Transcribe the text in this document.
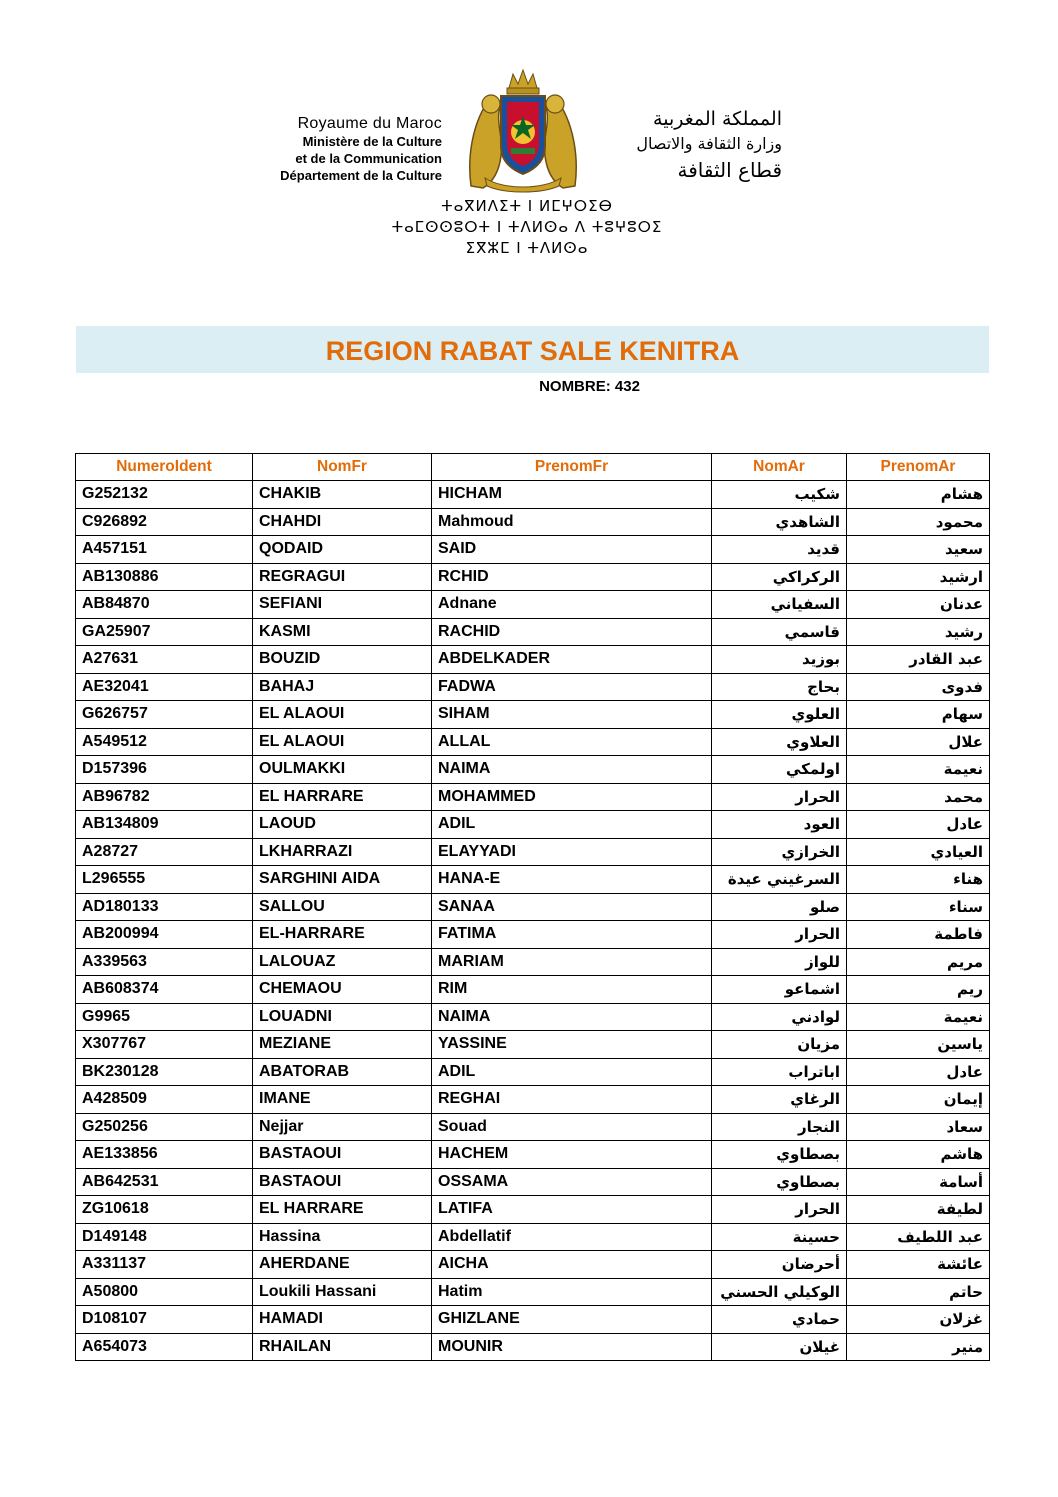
Royaume du Maroc
Ministère de la Culture
et de la Communication
Département de la Culture
المملكة المغربية
وزارة الثقافة والاتصال
قطاع الثقافة
ⵜⴰⴳⵍⴷⵉⵜ ⵏ ⵍⵎⵖⵔⵉⴱ
ⵜⴰⵎⵙⵙⵓⵔⵜ ⵏ ⵜⴷⵍⵙⴰ ⴷ ⵜⵓⵖⵓⵔⵉ
ⵉⴳⵣⵎ ⵏ ⵜⴷⵍⵙⴰ
REGION RABAT SALE KENITRA
NOMBRE: 432
NumeroIdent	NomFr	PrenomFr	NomAr	PrenomAr
G252132	CHAKIB	HICHAM	شكيب	هشام
C926892	CHAHDI	Mahmoud	الشاهدي	محمود
A457151	QODAID	SAID	قديد	سعيد
AB130886	REGRAGUI	RCHID	الركراكي	ارشيد
AB84870	SEFIANI	Adnane	السفياني	عدنان
GA25907	KASMI	RACHID	قاسمي	رشيد
A27631	BOUZID	ABDELKADER	بوزيد	عبد القادر
AE32041	BAHAJ	FADWA	بحاج	فدوى
G626757	EL ALAOUI	SIHAM	العلوي	سهام
A549512	EL ALAOUI	ALLAL	العلاوي	علال
D157396	OULMAKKI	NAIMA	اولمكي	نعيمة
AB96782	EL HARRARE	MOHAMMED	الحرار	محمد
AB134809	LAOUD	ADIL	العود	عادل
A28727	LKHARRAZI	ELAYYADI	الخرازي	العيادي
L296555	SARGHINI AIDA	HANA-E	السرغيني عيدة	هناء
AD180133	SALLOU	SANAA	صلو	سناء
AB200994	EL-HARRARE	FATIMA	الحرار	فاطمة
A339563	LALOUAZ	MARIAM	للواز	مريم
AB608374	CHEMAOU	RIM	اشماعو	ريم
G9965	LOUADNI	NAIMA	لوادني	نعيمة
X307767	MEZIANE	YASSINE	مزيان	ياسين
BK230128	ABATORAB	ADIL	اباتراب	عادل
A428509	IMANE	REGHAI	الرغاي	إيمان
G250256	Nejjar	Souad	النجار	سعاد
AE133856	BASTAOUI	HACHEM	بصطاوي	هاشم
AB642531	BASTAOUI	OSSAMA	بصطاوي	أسامة
ZG10618	EL HARRARE	LATIFA	الحرار	لطيفة
D149148	Hassina	Abdellatif	حسينة	عبد اللطيف
A331137	AHERDANE	AICHA	أحرضان	عائشة
A50800	Loukili Hassani	Hatim	الوكيلي الحسني	حاتم
D108107	HAMADI	GHIZLANE	حمادي	غزلان
A654073	RHAILAN	MOUNIR	غيلان	منير
